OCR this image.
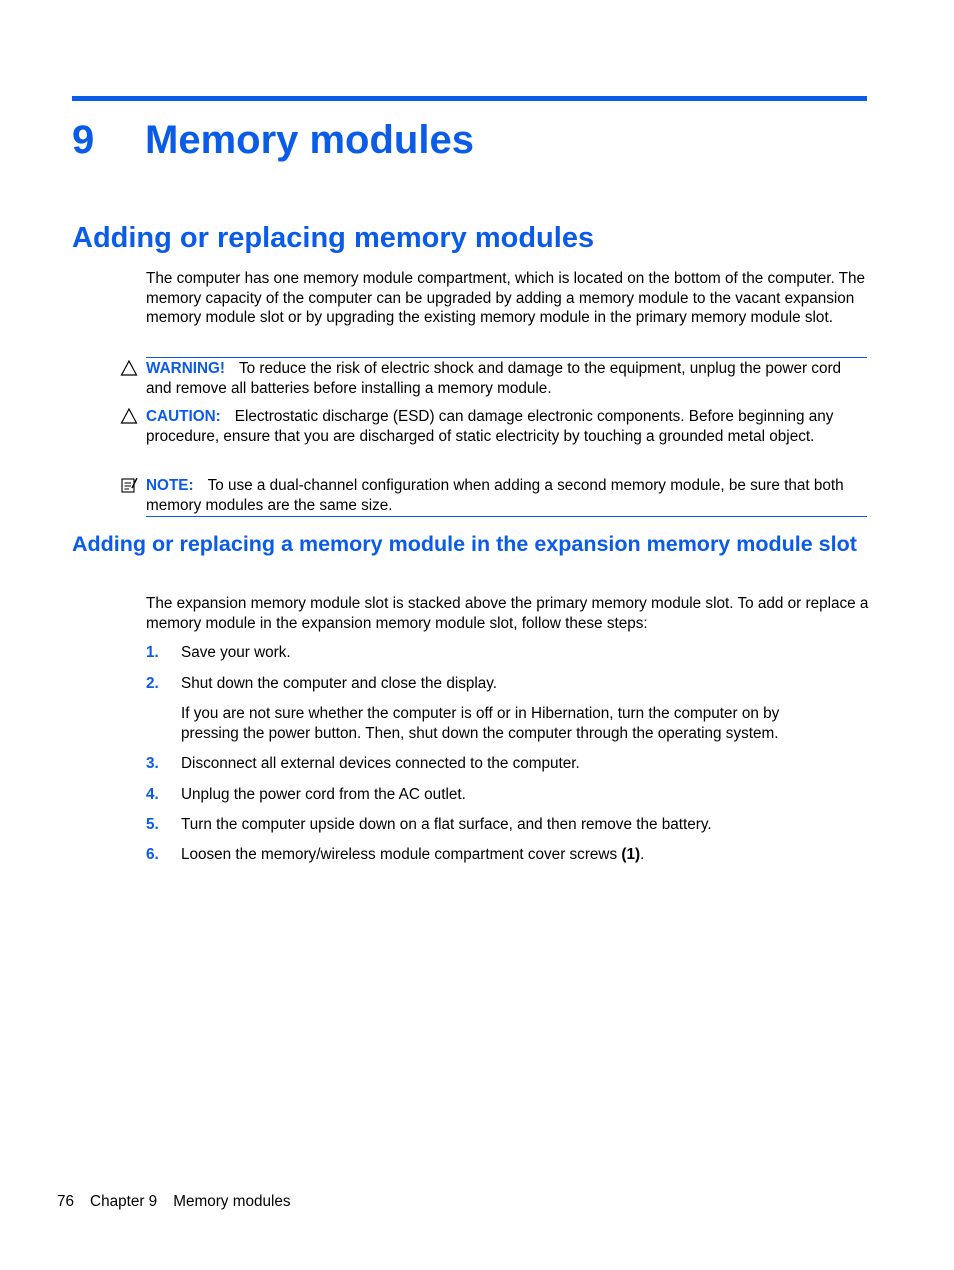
9 Memory modules
Adding or replacing memory modules
The computer has one memory module compartment, which is located on the bottom of the computer. The memory capacity of the computer can be upgraded by adding a memory module to the vacant expansion memory module slot or by upgrading the existing memory module in the primary memory module slot.
WARNING! To reduce the risk of electric shock and damage to the equipment, unplug the power cord and remove all batteries before installing a memory module.
CAUTION: Electrostatic discharge (ESD) can damage electronic components. Before beginning any procedure, ensure that you are discharged of static electricity by touching a grounded metal object.
NOTE: To use a dual-channel configuration when adding a second memory module, be sure that both memory modules are the same size.
Adding or replacing a memory module in the expansion memory module slot
The expansion memory module slot is stacked above the primary memory module slot. To add or replace a memory module in the expansion memory module slot, follow these steps:
1. Save your work.
2. Shut down the computer and close the display.
3. Disconnect all external devices connected to the computer.
4. Unplug the power cord from the AC outlet.
5. Turn the computer upside down on a flat surface, and then remove the battery.
6. Loosen the memory/wireless module compartment cover screws (1).
If you are not sure whether the computer is off or in Hibernation, turn the computer on by pressing the power button. Then, shut down the computer through the operating system.
76 Chapter 9 Memory modules
